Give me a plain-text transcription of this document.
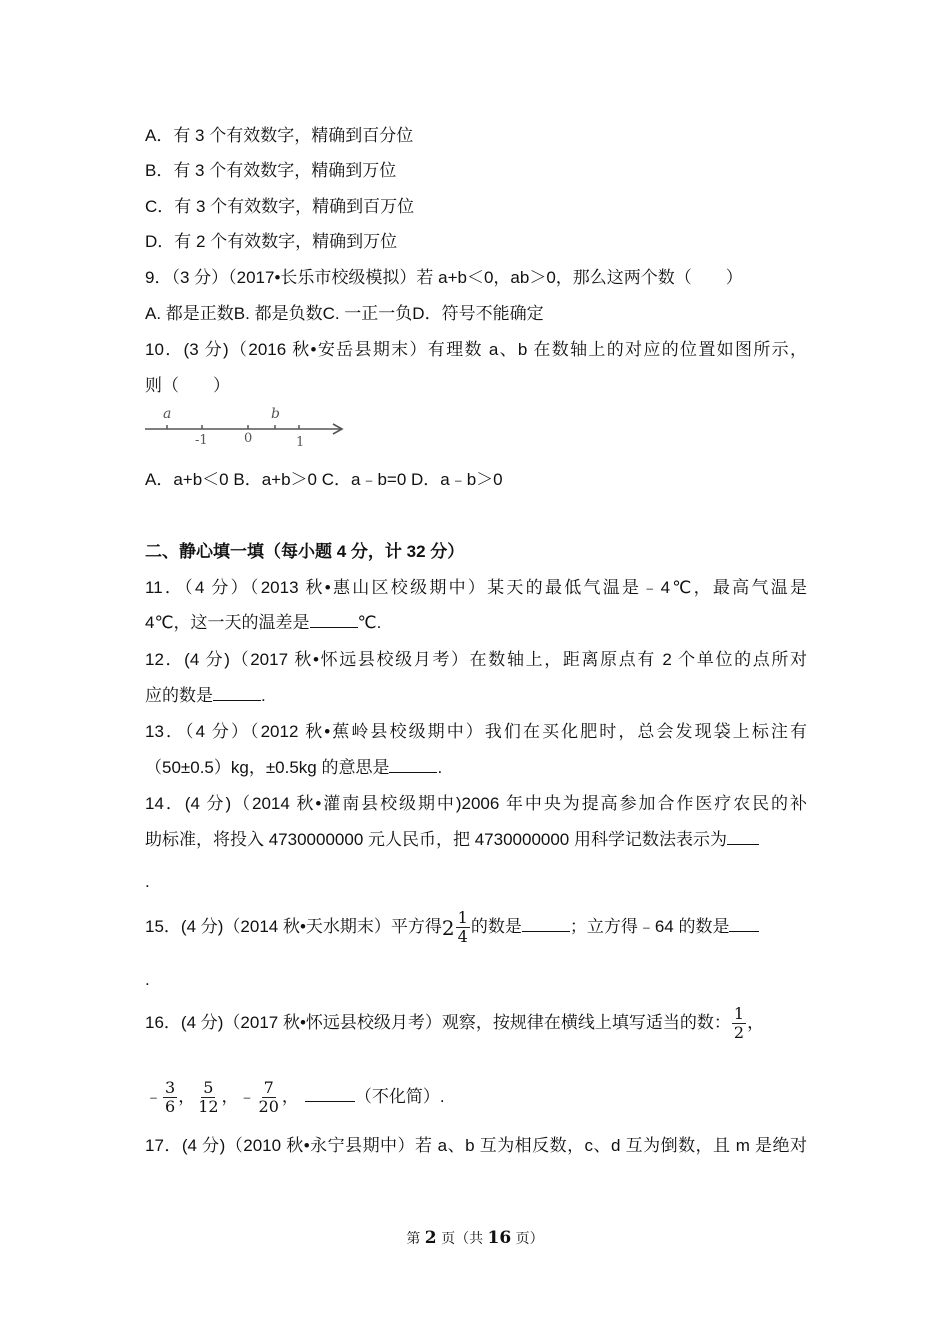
A．有 3 个有效数字，精确到百分位
B．有 3 个有效数字，精确到万位
C．有 3 个有效数字，精确到百万位
D．有 2 个有效数字，精确到万位
9．（3 分）（2017•长乐市校级模拟）若 a+b＜0，ab＞0，那么这两个数（　　）
A. 都是正数B. 都是负数C. 一正一负D．符号不能确定
10．(3 分)（2016 秋•安岳县期末）有理数 a、b 在数轴上的对应的位置如图所示，
则（　　）
A．a+b＜0 B．a+b＞0 C．a﹣b=0 D．a﹣b＞0
二、静心填一填（每小题 4 分，计 32 分）
11．（4 分）（2013 秋•惠山区校级期中）某天的最低气温是﹣4℃，最高气温是
4℃，这一天的温差是	℃.
12．(4 分)（2017 秋•怀远县校级月考）在数轴上，距离原点有 2 个单位的点所对
应的数是	.
13．（4 分）（2012 秋•蕉岭县校级期中）我们在买化肥时，总会发现袋上标注有
（50±0.5）kg，±0.5kg 的意思是	.
14．(4 分)（2014 秋•灌南县校级期中)2006 年中央为提高参加合作医疗农民的补
助标准，将投入 4730000000 元人民币，把 4730000000 用科学记数法表示为
.
15．(4 分)（2014 秋•天水期末）平方得 $2 \frac{1}{4}$ 的数是	；立方得﹣64 的数是
.
16．(4 分)（2017 秋•怀远县校级月考）观察，按规律在横线上填写适当的数： $\frac{1}{2}$ ，
﹣ $\frac{3}{6}$ ， $\frac{5}{12}$ ，﹣ $\frac{7}{20}$ ，	（不化简）.
17．(4 分)（2010 秋•永宁县期中）若 a、b 互为相反数，c、d 互为倒数，且 m 是绝对
a	b
-1	0	1
第 2 页（共 16 页）
